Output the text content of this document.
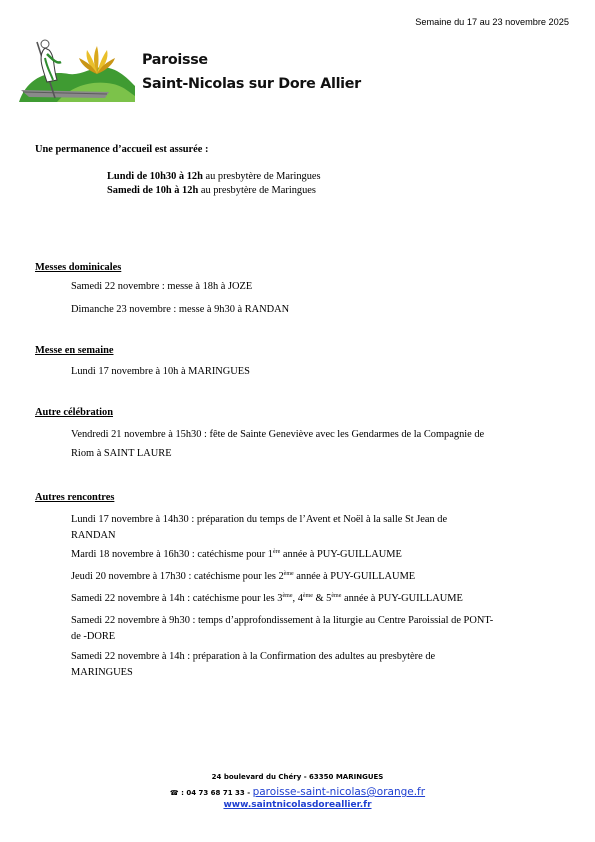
Semaine du 17 au 23 novembre 2025
Paroisse
Saint-Nicolas sur Dore Allier
Une permanence d’accueil est assurée :
Lundi de 10h30 à 12h au presbytère de Maringues
Samedi de 10h à 12h au presbytère de Maringues
Messes dominicales
Samedi 22 novembre : messe à 18h à JOZE
Dimanche 23 novembre : messe à 9h30 à RANDAN
Messe en semaine
Lundi 17 novembre à 10h à MARINGUES
Autre célébration
Vendredi 21 novembre à 15h30 : fête de Sainte Geneviève avec les Gendarmes de la Compagnie de
Riom à SAINT LAURE
Autres rencontres
Lundi 17 novembre à 14h30 : préparation du temps de l’Avent et Noël à la salle St Jean de
RANDAN
Mardi 18 novembre à 16h30 : catéchisme pour 1ère année à PUY-GUILLAUME
Jeudi 20 novembre à 17h30 : catéchisme pour les 2ème année à PUY-GUILLAUME
Samedi 22 novembre à 14h : catéchisme pour les 3ème, 4ème & 5ème année à PUY-GUILLAUME
Samedi 22 novembre à 9h30 : temps d’approfondissement à la liturgie au Centre Paroissial de PONT-
de -DORE
Samedi 22 novembre à 14h : préparation à la Confirmation des adultes au presbytère de
MARINGUES
24 boulevard du Chéry - 63350 MARINGUES
☎ : 04 73 68 71 33 - paroisse-saint-nicolas@orange.fr
www.saintnicolasdoreallier.fr
